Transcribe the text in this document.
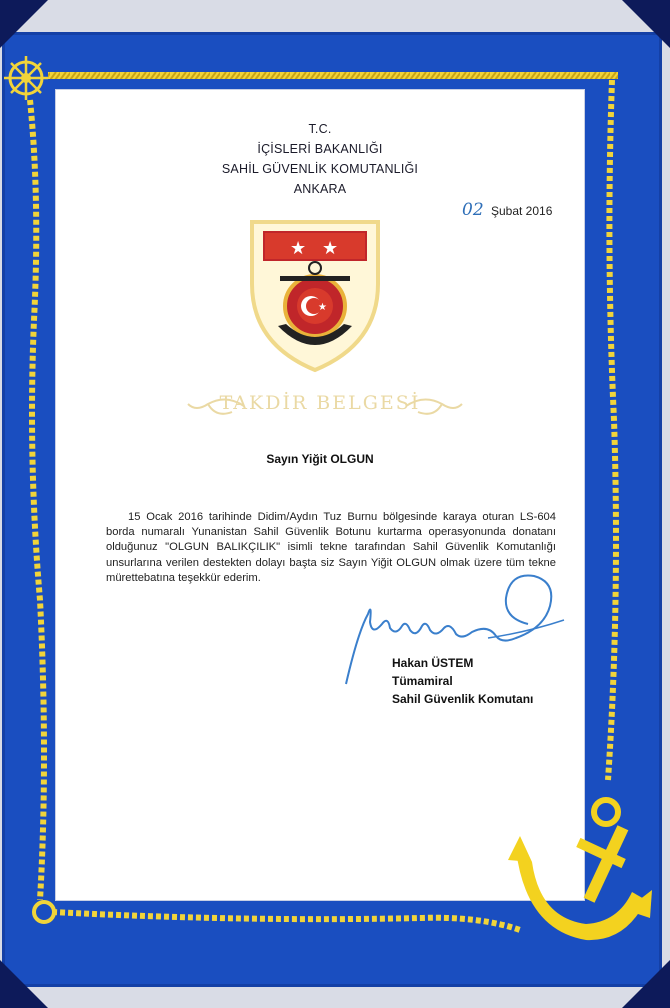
T.C.
İÇİSLERİ BAKANLIĞI
SAHİL GÜVENLİK KOMUTANLIĞI
ANKARA
02 Şubat 2016
★ ★
★
TAKDİR BELGESİ
Sayın Yiğit OLGUN
15 Ocak 2016 tarihinde Didim/Aydın Tuz Burnu bölgesinde karaya oturan LS-604 borda numaralı Yunanistan Sahil Güvenlik Botunu kurtarma operasyonunda donatanı olduğunuz "OLGUN BALIKÇILIK" isimli tekne tarafından Sahil Güvenlik Komutanlığı unsurlarına verilen destekten dolayı başta siz Sayın Yiğit OLGUN olmak üzere tüm tekne mürettebatına teşekkür ederim.
Hakan ÜSTEM
Tümamiral
Sahil Güvenlik Komutanı
